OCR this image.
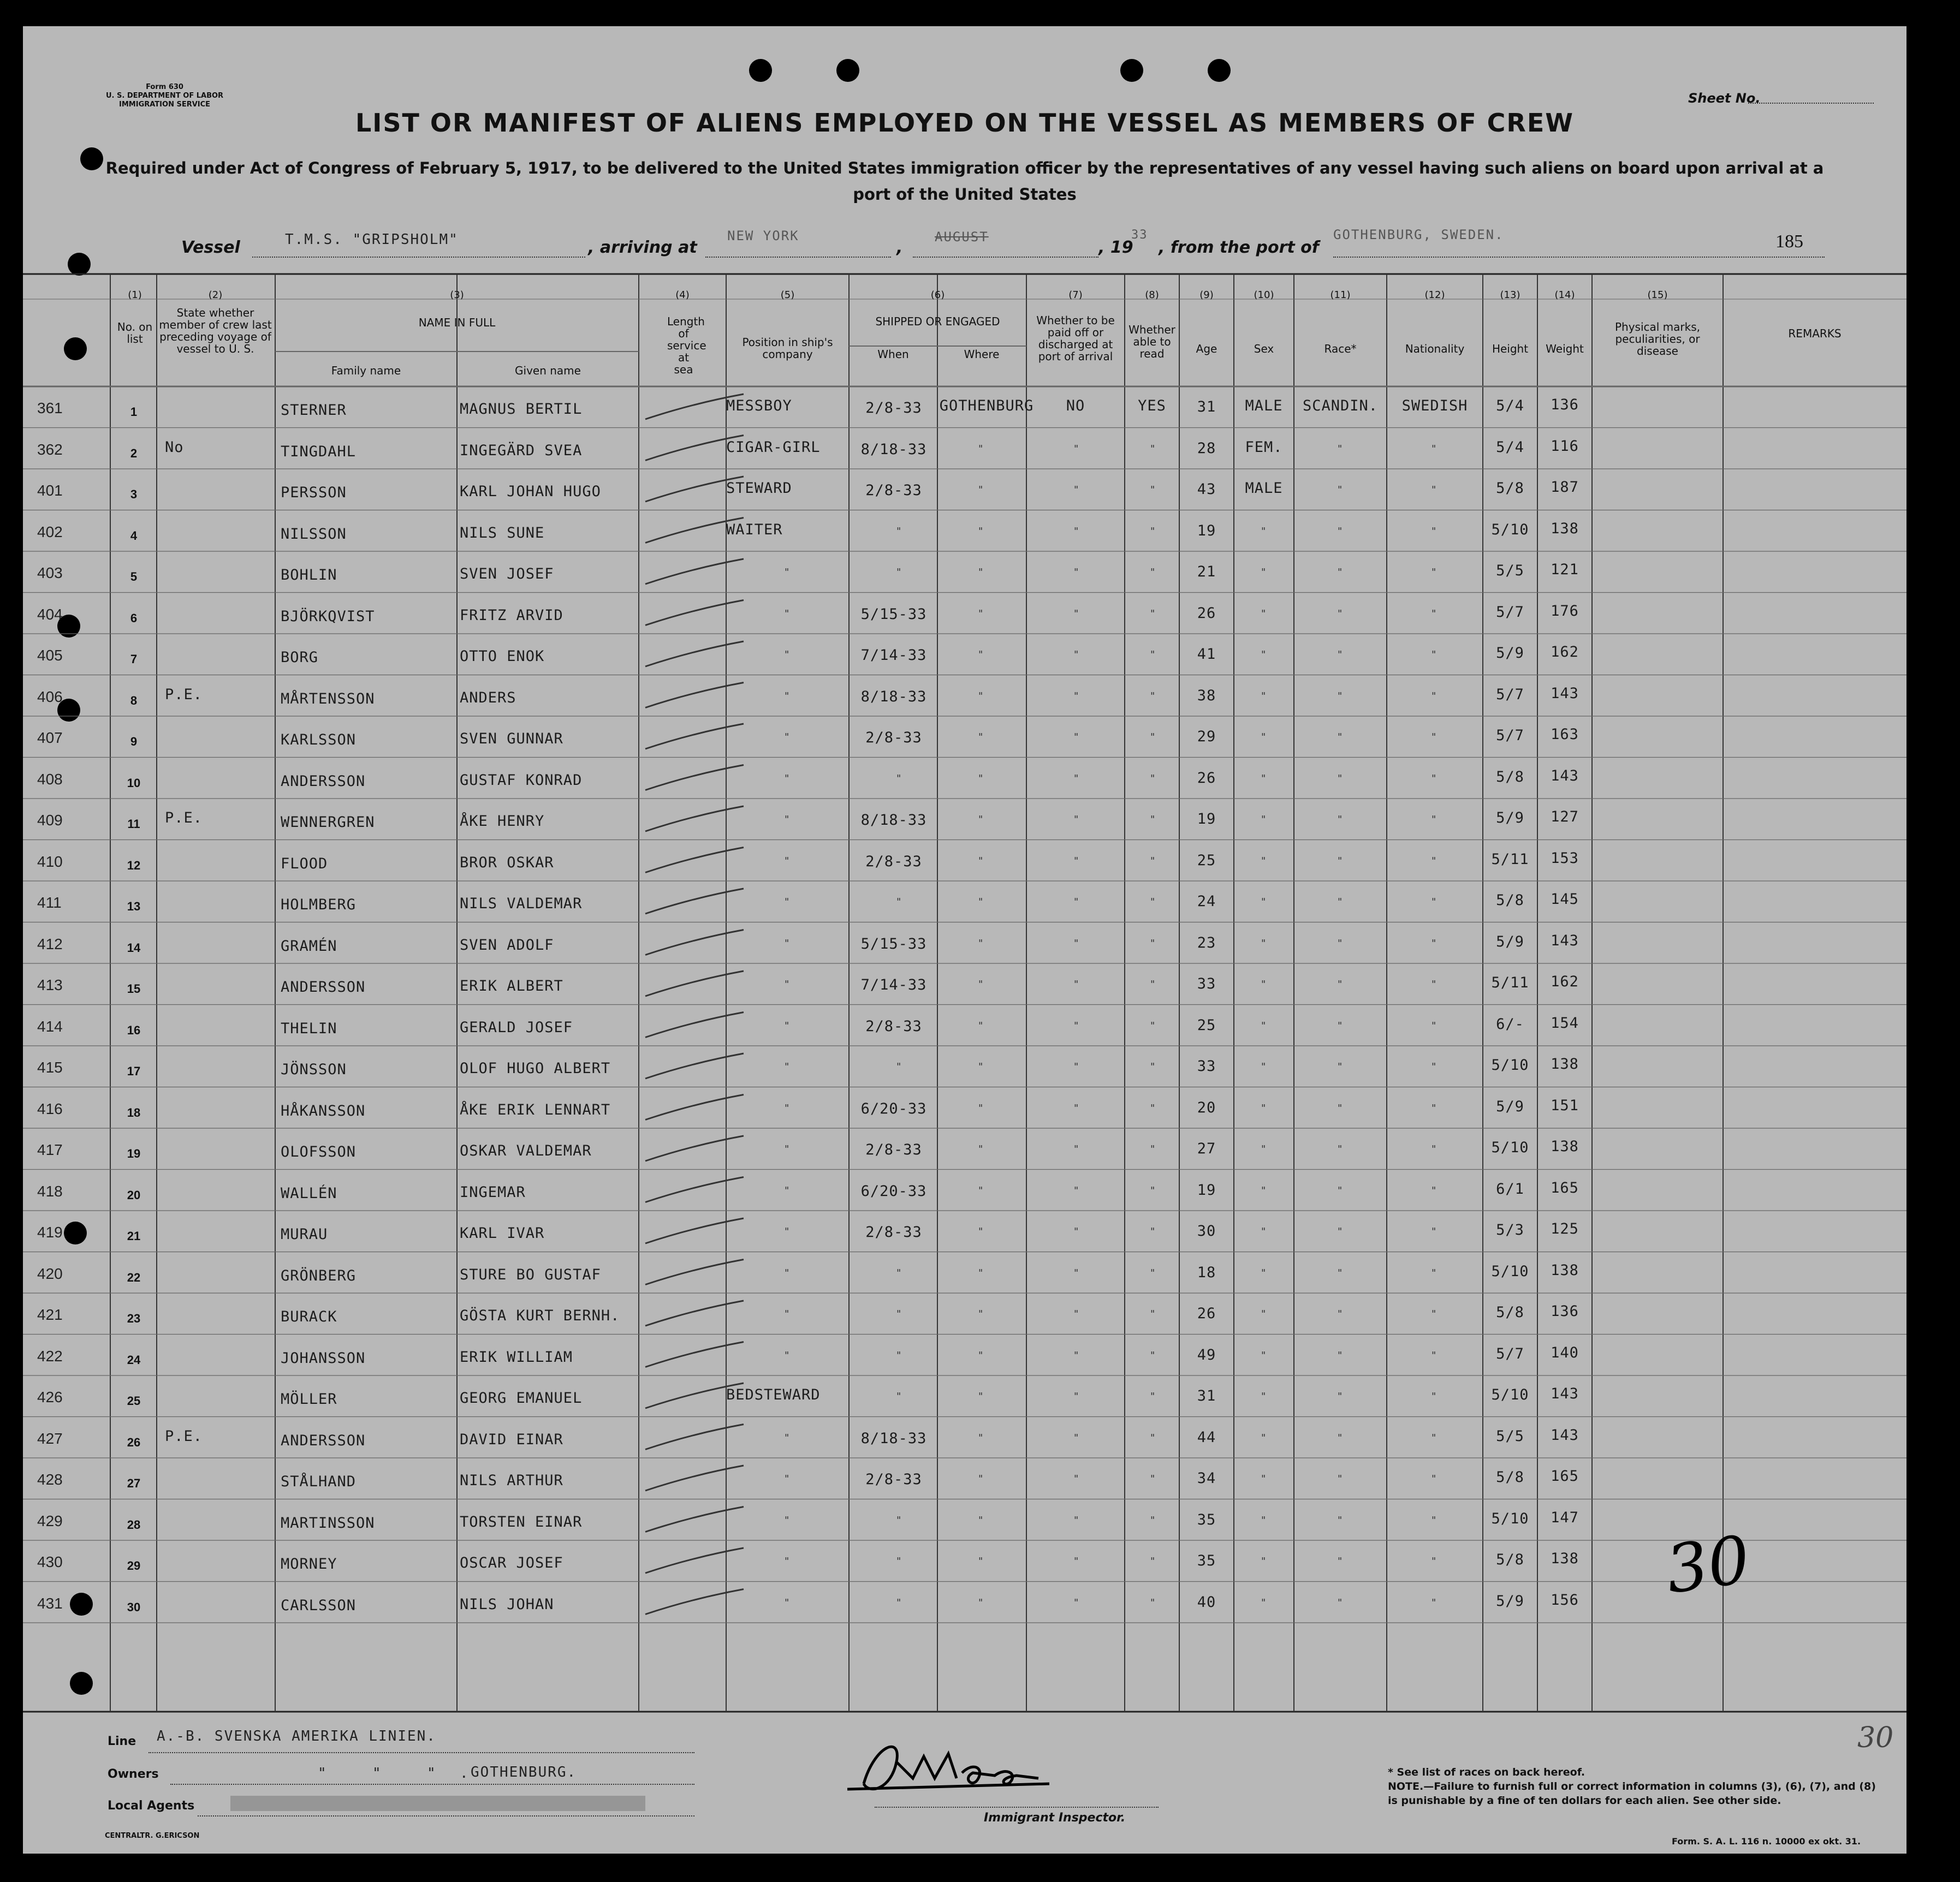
Form 630
U. S. DEPARTMENT OF LABOR
IMMIGRATION SERVICE	Sheet No.
LIST OR MANIFEST OF ALIENS EMPLOYED ON THE VESSEL AS MEMBERS OF CREW
Required under Act of Congress of February 5, 1917, to be delivered to the United States immigration officer by the representatives of any vessel having such aliens on board upon arrival at a port of the United States
Vessel	T.M.S. "GRIPSHOLM"	, arriving at
NEW YORK
,
AUGUST
, 19
33
, from the port of
GOTHENBURG, SWEDEN.	185
(1)
No. on list
(2)
State whether member of crew last preceding voyage of vessel to U. S.
(3)
NAME IN FULL
Family name	Given name
(4)
Length of service at sea
(5)
Position in ship's company
(6)
SHIPPED OR ENGAGED
When	Where
(7)
Whether to be paid off or discharged at port of arrival
(8)
Whether able to read
(9)
Age
(10)
Sex
(11)
Race*
(12)
Nationality
(13)
Height
(14)
Weight
(15)
Physical marks, peculiarities, or disease
REMARKS
361	1	STERNER	MAGNUS BERTIL	MESSBOY	2/8-33	GOTHENBURG	NO	YES	31	MALE	SCANDIN.	SWEDISH	5/4	136
362	2	No	TINGDAHL	INGEGÄRD SVEA	CIGAR-GIRL	8/18-33	"	"	"	28	FEM.	"	"	5/4	116
401	3	PERSSON	KARL JOHAN HUGO	STEWARD	2/8-33	"	"	"	43	MALE	"	"	5/8	187
402	4	NILSSON	NILS SUNE	WAITER	"	"	"	"	19	"	"	"	5/10	138
403	5	BOHLIN	SVEN JOSEF	"	"	"	"	"	21	"	"	"	5/5	121
404	6	BJÖRKQVIST	FRITZ ARVID	"	5/15-33	"	"	"	26	"	"	"	5/7	176
405	7	BORG	OTTO ENOK	"	7/14-33	"	"	"	41	"	"	"	5/9	162
406	8	P.E.	MÅRTENSSON	ANDERS	"	8/18-33	"	"	"	38	"	"	"	5/7	143
407	9	KARLSSON	SVEN GUNNAR	"	2/8-33	"	"	"	29	"	"	"	5/7	163
408	10	ANDERSSON	GUSTAF KONRAD	"	"	"	"	"	26	"	"	"	5/8	143
409	11	P.E.	WENNERGREN	ÅKE HENRY	"	8/18-33	"	"	"	19	"	"	"	5/9	127
410	12	FLOOD	BROR OSKAR	"	2/8-33	"	"	"	25	"	"	"	5/11	153
411	13	HOLMBERG	NILS VALDEMAR	"	"	"	"	"	24	"	"	"	5/8	145
412	14	GRAMÉN	SVEN ADOLF	"	5/15-33	"	"	"	23	"	"	"	5/9	143
413	15	ANDERSSON	ERIK ALBERT	"	7/14-33	"	"	"	33	"	"	"	5/11	162
414	16	THELIN	GERALD JOSEF	"	2/8-33	"	"	"	25	"	"	"	6/-	154
415	17	JÖNSSON	OLOF HUGO ALBERT	"	"	"	"	"	33	"	"	"	5/10	138
416	18	HÅKANSSON	ÅKE ERIK LENNART	"	6/20-33	"	"	"	20	"	"	"	5/9	151
417	19	OLOFSSON	OSKAR VALDEMAR	"	2/8-33	"	"	"	27	"	"	"	5/10	138
418	20	WALLÉN	INGEMAR	"	6/20-33	"	"	"	19	"	"	"	6/1	165
419	21	MURAU	KARL IVAR	"	2/8-33	"	"	"	30	"	"	"	5/3	125
420	22	GRÖNBERG	STURE BO GUSTAF	"	"	"	"	"	18	"	"	"	5/10	138
421	23	BURACK	GÖSTA KURT BERNH.	"	"	"	"	"	26	"	"	"	5/8	136
422	24	JOHANSSON	ERIK WILLIAM	"	"	"	"	"	49	"	"	"	5/7	140
426	25	MÖLLER	GEORG EMANUEL	BEDSTEWARD	"	"	"	"	31	"	"	"	5/10	143
427	26	P.E.	ANDERSSON	DAVID EINAR	"	8/18-33	"	"	"	44	"	"	"	5/5	143
428	27	STÅLHAND	NILS ARTHUR	"	2/8-33	"	"	"	34	"	"	"	5/8	165
429	28	MARTINSSON	TORSTEN EINAR	"	"	"	"	"	35	"	"	"	5/10	147
430	29	MORNEY	OSCAR JOSEF	"	"	"	"	"	35	"	"	"	5/8	138
431	30	CARLSSON	NILS JOHAN	"	"	"	"	"	40	"	"	"	5/9	156 30
Line A.-B. SVENSKA AMERIKA LINIEN.
Owners	"	"	" . GOTHENBURG.
Local Agents
Immigrant Inspector.
* See list of races on back hereof.
NOTE.—Failure to furnish full or correct information in columns (3), (6), (7), and (8) is punishable by a fine of ten dollars for each alien. See other side.
CENTRALTR. G.ERICSON
Form. S. A. L. 116 n. 10000 ex okt. 31.
30
